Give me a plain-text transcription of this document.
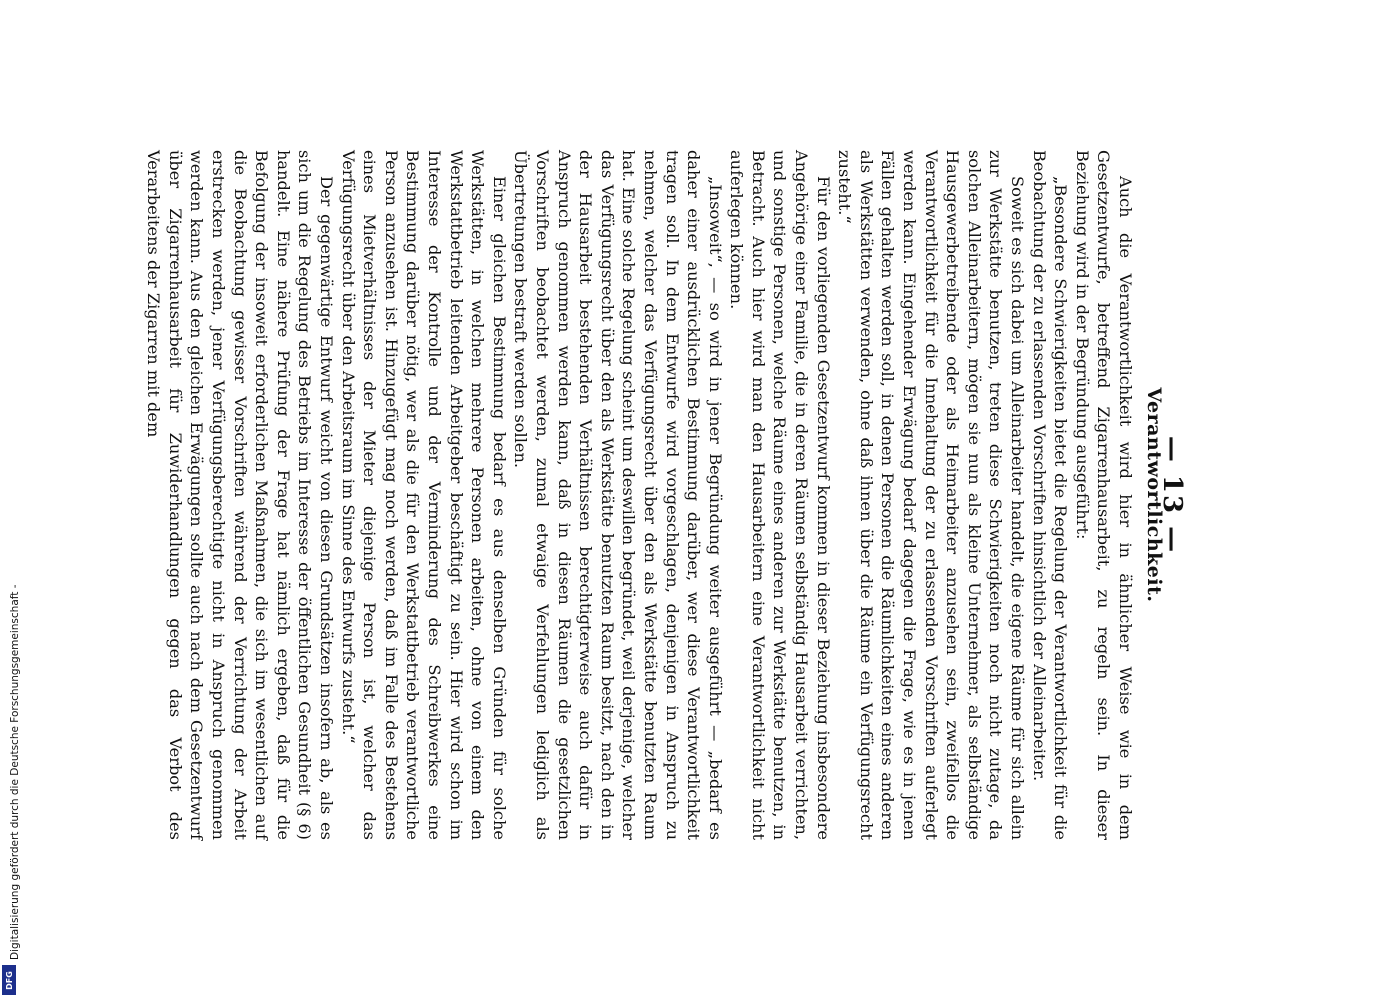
Digitalisierung gefördert durch die Deutsche Forschungsgemeinschaft -
DFG
— 13 —
Verantwortlichkeit.

Auch die Verantwortlichkeit wird hier in ähnlicher Weise wie in dem Gesetzentwurfe, betreffend Zigarrenhausarbeit, zu regeln sein. In dieser Beziehung wird in der Begründung ausgeführt:

„Besondere Schwierigkeiten bietet die Regelung der Verantwortlichkeit für die Beobachtung der zu erlassenden Vorschriften hinsichtlich der Alleinarbeiter.

Soweit es sich dabei um Alleinarbeiter handelt, die eigene Räume für sich allein zur Werkstätte benutzen, treten diese Schwierigkeiten noch nicht zutage, da solchen Alleinarbeitern, mögen sie nun als kleine Unternehmer, als selbständige Hausgewerbetreibende oder als Heimarbeiter anzusehen sein, zweifellos die Verantwortlichkeit für die Innehaltung der zu erlassenden Vorschriften auferlegt werden kann. Eingehender Erwägung bedarf dagegen die Frage, wie es in jenen Fällen gehalten werden soll, in denen Personen die Räumlichkeiten eines anderen als Werkstätten verwenden, ohne daß ihnen über die Räume ein Verfügungsrecht zusteht.“

Für den vorliegenden Gesetzentwurf kommen in dieser Beziehung insbesondere Angehörige einer Familie, die in deren Räumen selbständig Hausarbeit verrichten, und sonstige Personen, welche Räume eines anderen zur Werkstätte benutzen, in Betracht. Auch hier wird man den Hausarbeitern eine Verantwortlichkeit nicht auferlegen können.

„Insoweit“, — so wird in jener Begründung weiter ausgeführt — „bedarf es daher einer ausdrücklichen Bestimmung darüber, wer diese Verantwortlichkeit tragen soll. In dem Entwurfe wird vorgeschlagen, denjenigen in Anspruch zu nehmen, welcher das Verfügungsrecht über den als Werkstätte benutzten Raum hat. Eine solche Regelung scheint um deswillen begründet, weil derjenige, welcher das Verfügungsrecht über den als Werkstätte benutzten Raum besitzt, nach den in der Hausarbeit bestehenden Verhältnissen berechtigterweise auch dafür in Anspruch genommen werden kann, daß in diesen Räumen die gesetzlichen Vorschriften beobachtet werden, zumal etwaige Verfehlungen lediglich als Übertretungen bestraft werden sollen.

Einer gleichen Bestimmung bedarf es aus denselben Gründen für solche Werkstätten, in welchen mehrere Personen arbeiten, ohne von einem den Werkstattbetrieb leitenden Arbeitgeber beschäftigt zu sein. Hier wird schon im Interesse der Kontrolle und der Verminderung des Schreibwerkes eine Bestimmung darüber nötig, wer als die für den Werkstattbetrieb verantwortliche Person anzusehen ist. Hinzugefügt mag noch werden, daß im Falle des Bestehens eines Mietverhältnisses der Mieter diejenige Person ist, welcher das Verfügungsrecht über den Arbeitsraum im Sinne des Entwurfs zusteht.“

Der gegenwärtige Entwurf weicht von diesen Grundsätzen insofern ab, als es sich um die Regelung des Betriebs im Interesse der öffentlichen Gesundheit (§ 6) handelt. Eine nähere Prüfung der Frage hat nämlich ergeben, daß für die Befolgung der insoweit erforderlichen Maßnahmen, die sich im wesentlichen auf die Beobachtung gewisser Vorschriften während der Verrichtung der Arbeit erstrecken werden, jener Verfügungsberechtigte nicht in Anspruch genommen werden kann. Aus den gleichen Erwägungen sollte auch nach dem Gesetzentwurf über Zigarrenhausarbeit für Zuwiderhandlungen gegen das Verbot des Verarbeitens der Zigarren mit dem
